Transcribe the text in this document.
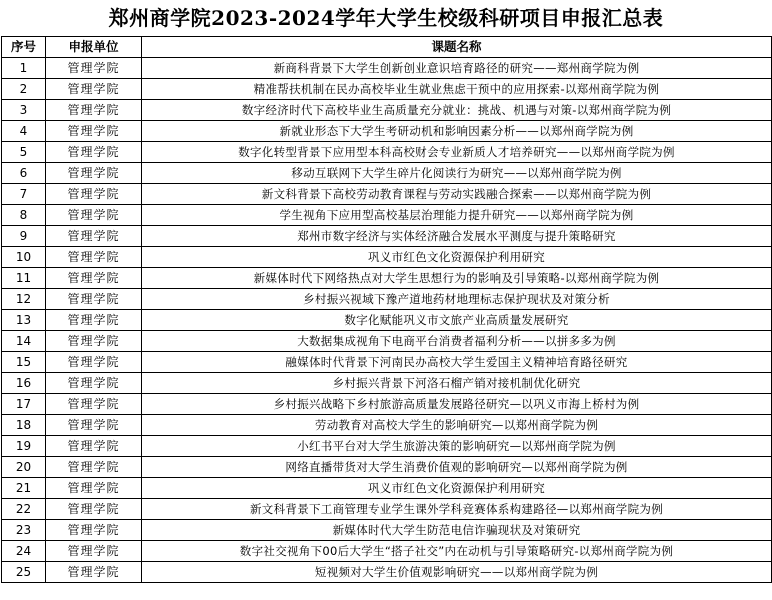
郑州商学院2023-2024学年大学生校级科研项目申报汇总表
序号	申报单位	课题名称
1	管理学院	新商科背景下大学生创新创业意识培育路径的研究——郑州商学院为例
2	管理学院	精准帮扶机制在民办高校毕业生就业焦虑干预中的应用探索-以郑州商学院为例
3	管理学院	数字经济时代下高校毕业生高质量充分就业：挑战、机遇与对策-以郑州商学院为例
4	管理学院	新就业形态下大学生考研动机和影响因素分析——以郑州商学院为例
5	管理学院	数字化转型背景下应用型本科高校财会专业新质人才培养研究——以郑州商学院为例
6	管理学院	移动互联网下大学生碎片化阅读行为研究——以郑州商学院为例
7	管理学院	新文科背景下高校劳动教育课程与劳动实践融合探索——以郑州商学院为例
8	管理学院	学生视角下应用型高校基层治理能力提升研究——以郑州商学院为例
9	管理学院	郑州市数字经济与实体经济融合发展水平测度与提升策略研究
10	管理学院	巩义市红色文化资源保护利用研究
11	管理学院	新媒体时代下网络热点对大学生思想行为的影响及引导策略-以郑州商学院为例
12	管理学院	乡村振兴视域下豫产道地药材地理标志保护现状及对策分析
13	管理学院	数字化赋能巩义市文旅产业高质量发展研究
14	管理学院	大数据集成视角下电商平台消费者福利分析——以拼多多为例
15	管理学院	融媒体时代背景下河南民办高校大学生爱国主义精神培育路径研究
16	管理学院	乡村振兴背景下河洛石榴产销对接机制优化研究
17	管理学院	乡村振兴战略下乡村旅游高质量发展路径研究—以巩义市海上桥村为例
18	管理学院	劳动教育对高校大学生的影响研究—以郑州商学院为例
19	管理学院	小红书平台对大学生旅游决策的影响研究—以郑州商学院为例
20	管理学院	网络直播带货对大学生消费价值观的影响研究—以郑州商学院为例
21	管理学院	巩义市红色文化资源保护利用研究
22	管理学院	新文科背景下工商管理专业学生课外学科竞赛体系构建路径—以郑州商学院为例
23	管理学院	新媒体时代大学生防范电信诈骗现状及对策研究
24	管理学院	数字社交视角下00后大学生“搭子社交”内在动机与引导策略研究-以郑州商学院为例
25	管理学院	短视频对大学生价值观影响研究——以郑州商学院为例
